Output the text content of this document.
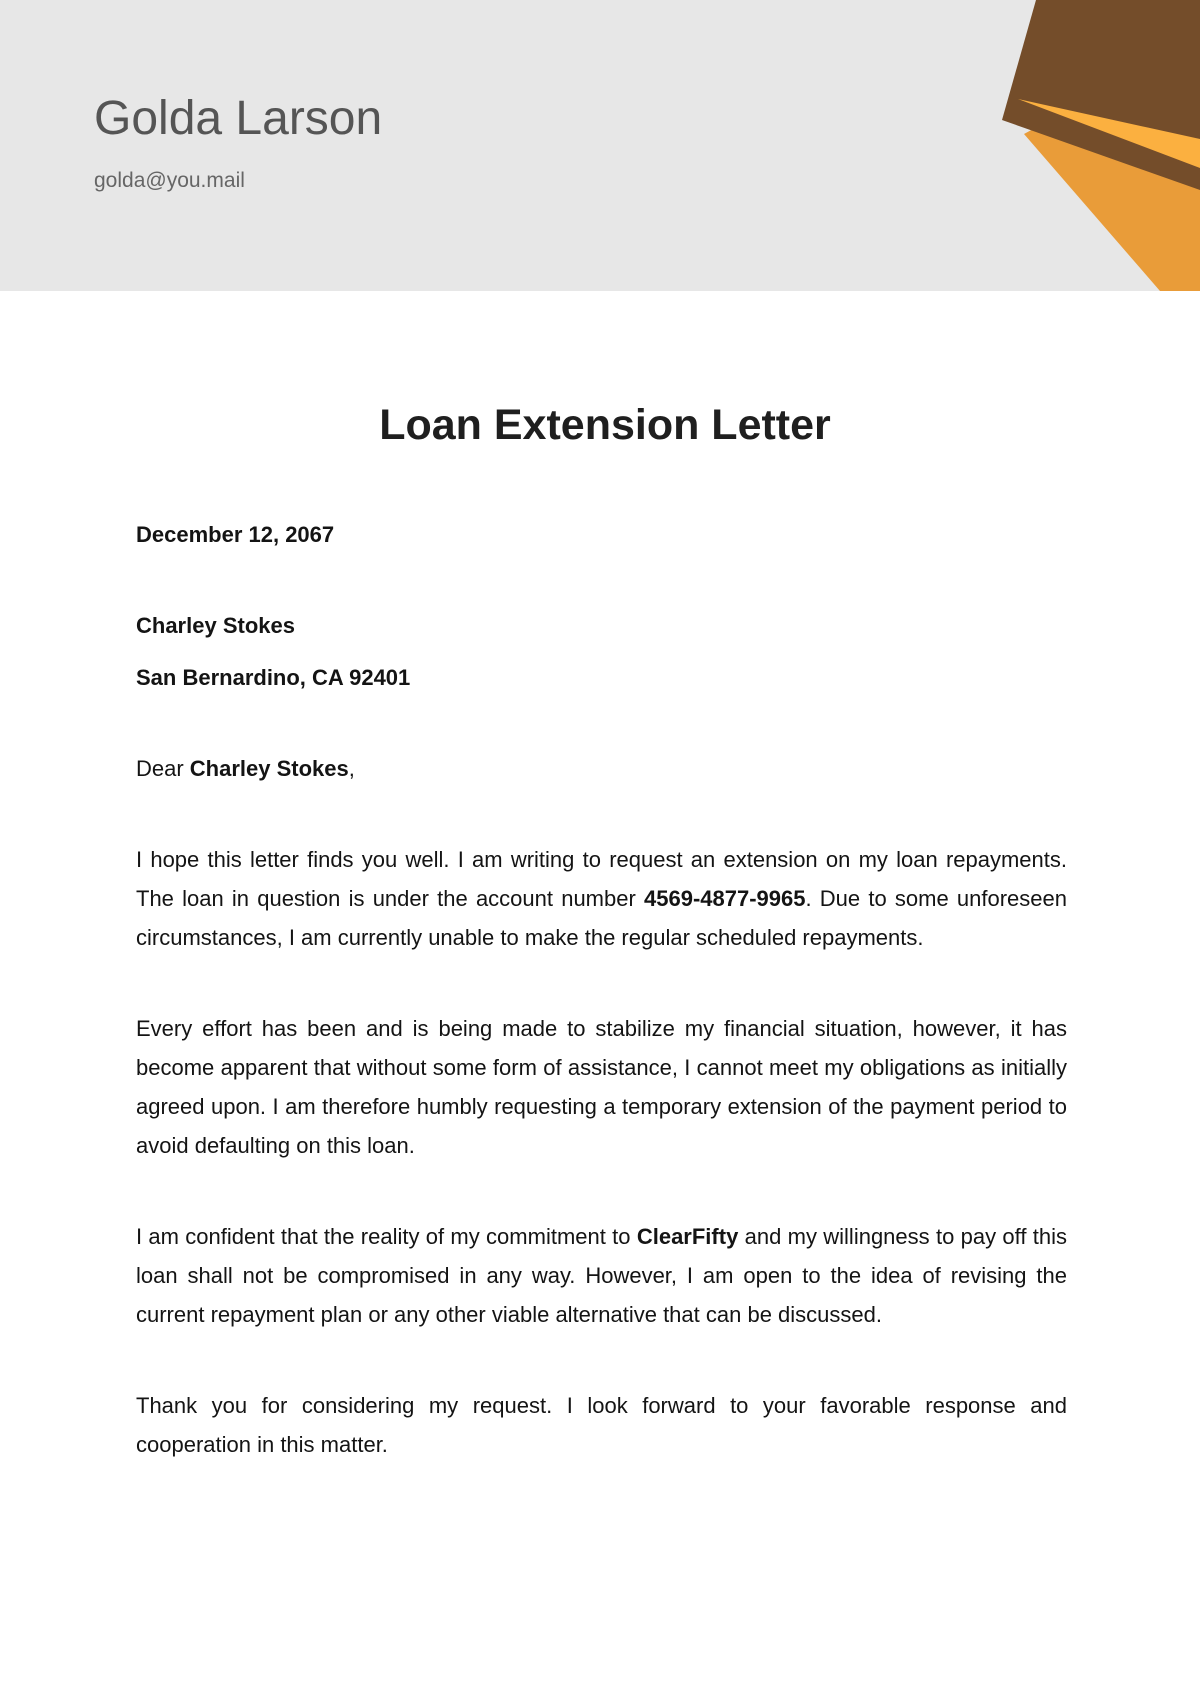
Golda Larson
golda@you.mail
Loan Extension Letter

December 12, 2067

Charley Stokes

San Bernardino, CA 92401

Dear Charley Stokes,

I hope this letter finds you well. I am writing to request an extension on my loan repayments. The loan in question is under the account number 4569-4877-9965. Due to some unforeseen circumstances, I am currently unable to make the regular scheduled repayments.

Every effort has been and is being made to stabilize my financial situation, however, it has become apparent that without some form of assistance, I cannot meet my obligations as initially agreed upon. I am therefore humbly requesting a temporary extension of the payment period to avoid defaulting on this loan.

I am confident that the reality of my commitment to ClearFifty and my willingness to pay off this loan shall not be compromised in any way. However, I am open to the idea of revising the current repayment plan or any other viable alternative that can be discussed.

Thank you for considering my request. I look forward to your favorable response and cooperation in this matter.
